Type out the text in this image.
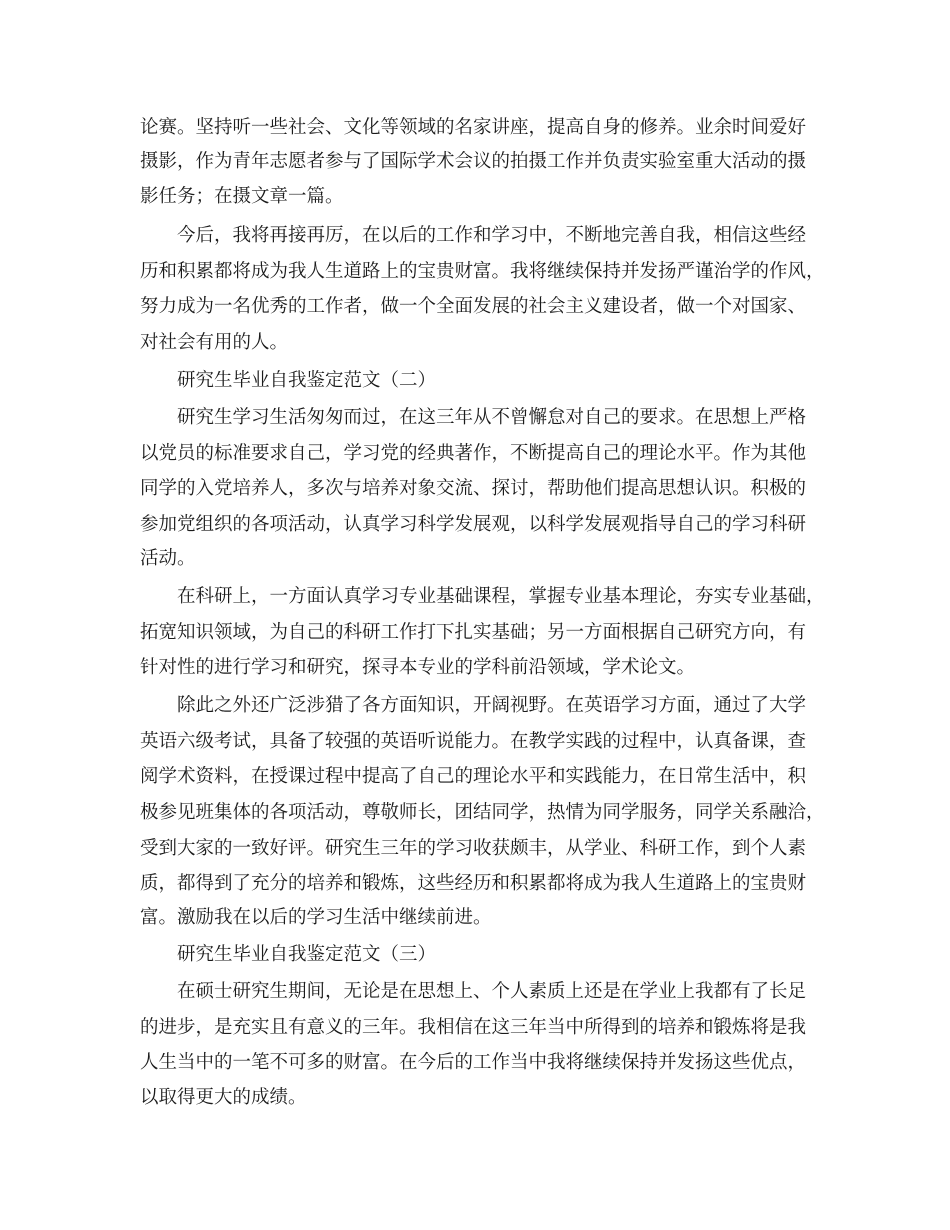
论赛。坚持听一些社会、文化等领域的名家讲座，提高自身的修养。业余时间爱好
摄影，作为青年志愿者参与了国际学术会议的拍摄工作并负责实验室重大活动的摄
影任务；在摄文章一篇。
今后，我将再接再厉，在以后的工作和学习中，不断地完善自我，相信这些经
历和积累都将成为我人生道路上的宝贵财富。我将继续保持并发扬严谨治学的作风，
努力成为一名优秀的工作者，做一个全面发展的社会主义建设者，做一个对国家、
对社会有用的人。
研究生毕业自我鉴定范文（二）
研究生学习生活匆匆而过，在这三年从不曾懈怠对自己的要求。在思想上严格
以党员的标准要求自己，学习党的经典著作，不断提高自己的理论水平。作为其他
同学的入党培养人，多次与培养对象交流、探讨，帮助他们提高思想认识。积极的
参加党组织的各项活动，认真学习科学发展观，以科学发展观指导自己的学习科研
活动。
在科研上，一方面认真学习专业基础课程，掌握专业基本理论，夯实专业基础，
拓宽知识领域，为自己的科研工作打下扎实基础；另一方面根据自己研究方向，有
针对性的进行学习和研究，探寻本专业的学科前沿领域，学术论文。
除此之外还广泛涉猎了各方面知识，开阔视野。在英语学习方面，通过了大学
英语六级考试，具备了较强的英语听说能力。在教学实践的过程中，认真备课，查
阅学术资料，在授课过程中提高了自己的理论水平和实践能力，在日常生活中，积
极参见班集体的各项活动，尊敬师长，团结同学，热情为同学服务，同学关系融洽，
受到大家的一致好评。研究生三年的学习收获颇丰，从学业、科研工作，到个人素
质，都得到了充分的培养和锻炼，这些经历和积累都将成为我人生道路上的宝贵财
富。激励我在以后的学习生活中继续前进。
研究生毕业自我鉴定范文（三）
在硕士研究生期间，无论是在思想上、个人素质上还是在学业上我都有了长足
的进步，是充实且有意义的三年。我相信在这三年当中所得到的培养和锻炼将是我
人生当中的一笔不可多的财富。在今后的工作当中我将继续保持并发扬这些优点，
以取得更大的成绩。
